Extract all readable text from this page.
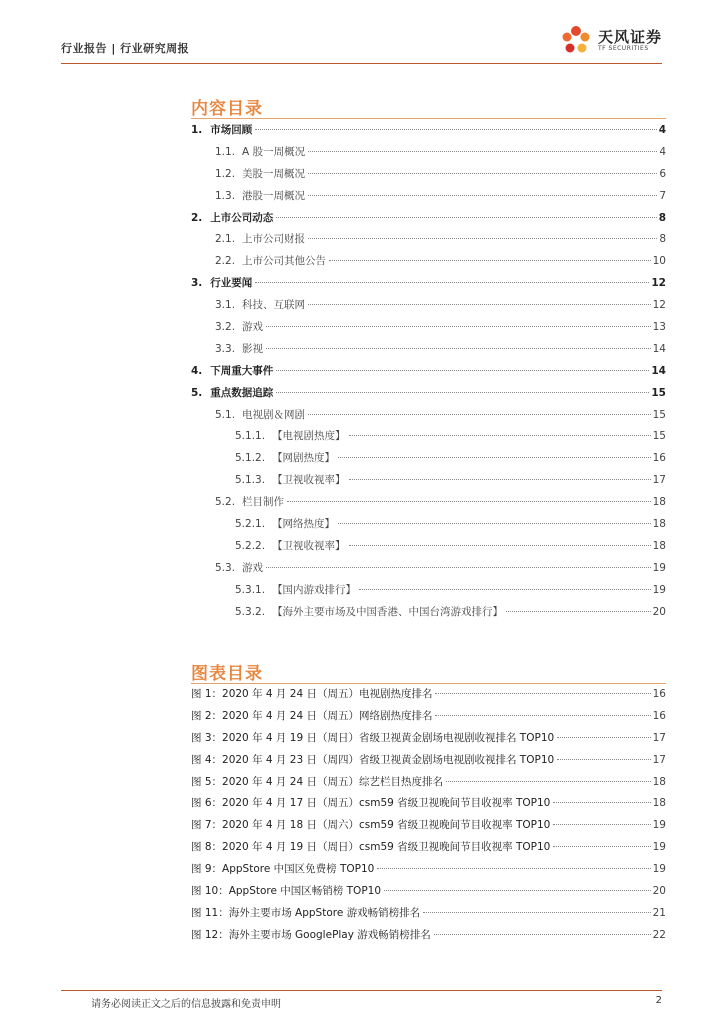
行业报告 | 行业研究周报
天风证券
TF SECURITIES
内容目录
1. 市场回顾	4
1.1. A 股一周概况	4
1.2. 美股一周概况	6
1.3. 港股一周概况	7
2. 上市公司动态	8
2.1. 上市公司财报	8
2.2. 上市公司其他公告	10
3. 行业要闻	12
3.1. 科技、互联网	12
3.2. 游戏	13
3.3. 影视	14
4. 下周重大事件	14
5. 重点数据追踪	15
5.1. 电视剧＆网剧	15
5.1.1. 【电视剧热度】	15
5.1.2. 【网剧热度】	16
5.1.3. 【卫视收视率】	17
5.2. 栏目制作	18
5.2.1. 【网络热度】	18
5.2.2. 【卫视收视率】	18
5.3. 游戏	19
5.3.1. 【国内游戏排行】	19
5.3.2. 【海外主要市场及中国香港、中国台湾游戏排行】	20
图表目录
图 1：2020 年 4 月 24 日（周五）电视剧热度排名	16
图 2：2020 年 4 月 24 日（周五）网络剧热度排名	16
图 3：2020 年 4 月 19 日（周日）省级卫视黄金剧场电视剧收视排名 TOP10	17
图 4：2020 年 4 月 23 日（周四）省级卫视黄金剧场电视剧收视排名 TOP10	17
图 5：2020 年 4 月 24 日（周五）综艺栏目热度排名	18
图 6：2020 年 4 月 17 日（周五）csm59 省级卫视晚间节目收视率 TOP10	18
图 7：2020 年 4 月 18 日（周六）csm59 省级卫视晚间节目收视率 TOP10	19
图 8：2020 年 4 月 19 日（周日）csm59 省级卫视晚间节目收视率 TOP10	19
图 9：AppStore 中国区免费榜 TOP10	19
图 10：AppStore 中国区畅销榜 TOP10	20
图 11：海外主要市场 AppStore 游戏畅销榜排名	21
图 12：海外主要市场 GooglePlay 游戏畅销榜排名	22
请务必阅读正文之后的信息披露和免责申明	2
